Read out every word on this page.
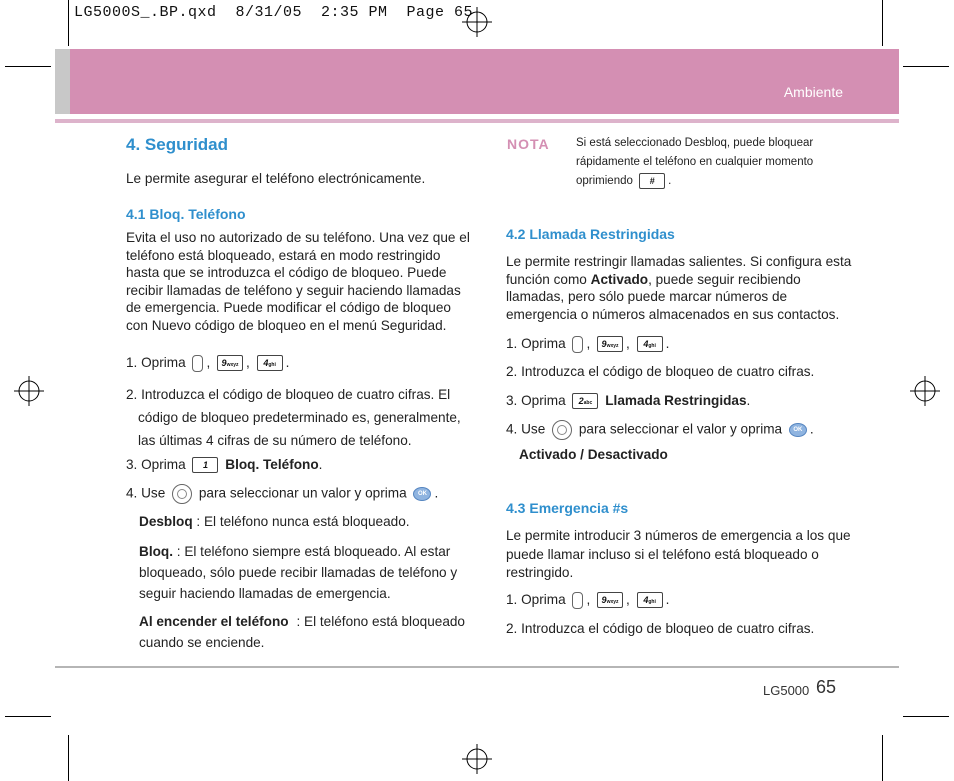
LG5000S_.BP.qxd  8/31/05  2:35 PM  Page 65
Ambiente
4. Seguridad
Le permite asegurar el teléfono electrónicamente.
4.1 Bloq. Teléfono
Evita el uso no autorizado de su teléfono. Una vez que el
teléfono está bloqueado, estará en modo restringido
hasta que se introduzca el código de bloqueo. Puede
recibir llamadas de teléfono y seguir haciendo llamadas
de emergencia. Puede modificar el código de bloqueo
con Nuevo código de bloqueo en el menú Seguridad.
1. Oprima , 9wxyz , 4ghi .
2. Introduzca el código de bloqueo de cuatro cifras. El
código de bloqueo predeterminado es, generalmente,
las últimas 4 cifras de su número de teléfono.
3. Oprima 1 Bloq. Teléfono.
4. Use para seleccionar un valor y oprima OK .
Desbloq : El teléfono nunca está bloqueado.
Bloq. : El teléfono siempre está bloqueado. Al estar
bloqueado, sólo puede recibir llamadas de teléfono y
seguir haciendo llamadas de emergencia.
Al encender el teléfono : El teléfono está bloqueado
cuando se enciende.
NOTA Si está seleccionado Desbloq, puede bloquear
rápidamente el teléfono en cualquier momento
oprimiendo # .
4.2 Llamada Restringidas
Le permite restringir llamadas salientes. Si configura esta
función como Activado, puede seguir recibiendo
llamadas, pero sólo puede marcar números de
emergencia o números almacenados en sus contactos.
1. Oprima , 9wxyz , 4ghi .
2. Introduzca el código de bloqueo de cuatro cifras.
3. Oprima 2abc Llamada Restringidas.
4. Use para seleccionar el valor y oprima OK .
Activado / Desactivado
4.3 Emergencia #s
Le permite introducir 3 números de emergencia a los que
puede llamar incluso si el teléfono está bloqueado o
restringido.
1. Oprima , 9wxyz , 4ghi .
2. Introduzca el código de bloqueo de cuatro cifras.
LG5000 65
